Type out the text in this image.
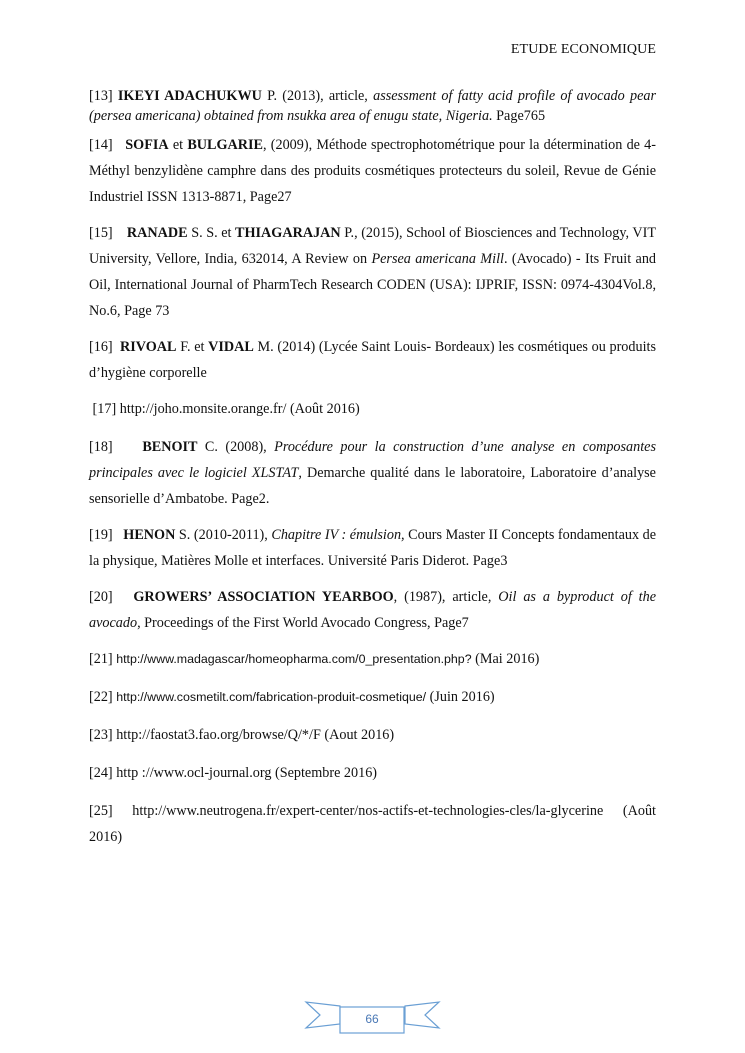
ETUDE ECONOMIQUE

[13] IKEYI ADACHUKWU P. (2013), article, assessment of fatty acid profile of avocado pear (persea americana) obtained from nsukka area of enugu state, Nigeria. Page765

[14] SOFIA et BULGARIE, (2009), Méthode spectrophotométrique pour la détermination de 4-Méthyl benzylidène camphre dans des produits cosmétiques protecteurs du soleil, Revue de Génie Industriel ISSN 1313-8871, Page27

[15] RANADE S. S. et THIAGARAJAN P., (2015), School of Biosciences and Technology, VIT University, Vellore, India, 632014, A Review on Persea americana Mill. (Avocado) - Its Fruit and Oil, International Journal of PharmTech Research CODEN (USA): IJPRIF, ISSN: 0974-4304Vol.8, No.6, Page 73

[16] RIVOAL F. et VIDAL M. (2014) (Lycée Saint Louis- Bordeaux) les cosmétiques ou produits d’hygiène corporelle

[17] http://joho.monsite.orange.fr/ (Août 2016)

[18] BENOIT C. (2008), Procédure pour la construction d’une analyse en composantes principales avec le logiciel XLSTAT, Demarche qualité dans le laboratoire, Laboratoire d’analyse sensorielle d’Ambatobe. Page2.

[19] HENON S. (2010-2011), Chapitre IV : émulsion, Cours Master II Concepts fondamentaux de la physique, Matières Molle et interfaces. Université Paris Diderot. Page3

[20] GROWERS’ ASSOCIATION YEARBOO, (1987), article, Oil as a byproduct of the avocado, Proceedings of the First World Avocado Congress, Page7

[21] http://www.madagascar/homeopharma.com/0_presentation.php? (Mai 2016)

[22] http://www.cosmetilt.com/fabrication-produit-cosmetique/ (Juin 2016)

[23] http://faostat3.fao.org/browse/Q/*/F (Aout 2016)

[24] http ://www.ocl-journal.org (Septembre 2016)

[25] http://www.neutrogena.fr/expert-center/nos-actifs-et-technologies-cles/la-glycerine (Août 2016)

66
